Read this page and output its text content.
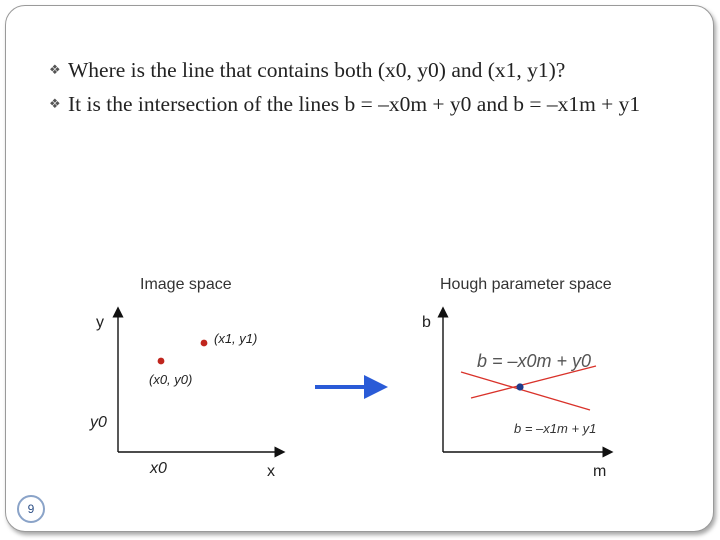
❖ Where is the line that contains both (x0, y0) and (x1, y1)?
❖ It is the intersection of the lines b = –x0m + y0 and b = –x1m + y1
Image space
y
x
y0
x0
(x1, y1)
(x0, y0)
Hough parameter space
b
m
b = –x0m + y0
b = –x1m + y1
9
